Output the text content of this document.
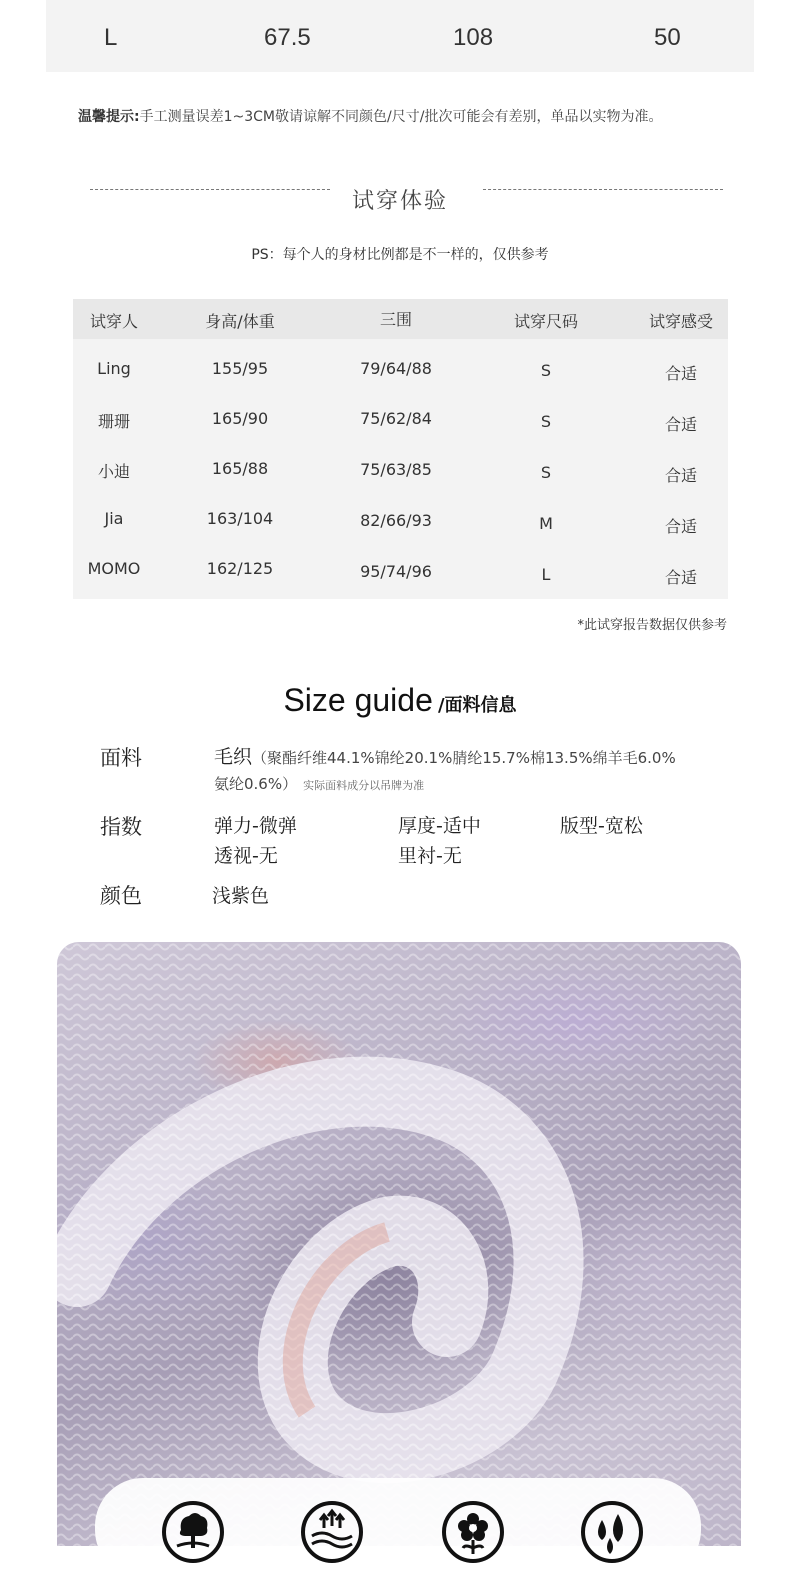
L	67.5	108	50
温馨提示:手工测量误差1~3CM敬请谅解不同颜色/尺寸/批次可能会有差别，单品以实物为准。
试穿体验
PS：每个人的身材比例都是不一样的，仅供参考
试穿人	身高/体重	三围	试穿尺码	试穿感受
Ling	155/95	79/64/88	S	合适
珊珊	165/90	75/62/84	S	合适
小迪	165/88	75/63/85	S	合适
Jia	163/104	82/66/93	M	合适
MOMO	162/125	95/74/96	L	合适
*此试穿报告数据仅供参考
Size guide /面料信息
面料	毛织（聚酯纤维44.1%锦纶20.1%腈纶15.7%棉13.5%绵羊毛6.0%
氨纶0.6%） 实际面料成分以吊牌为准
指数	弹力-微弹	厚度-适中	版型-宽松
透视-无	里衬-无
颜色	浅紫色
